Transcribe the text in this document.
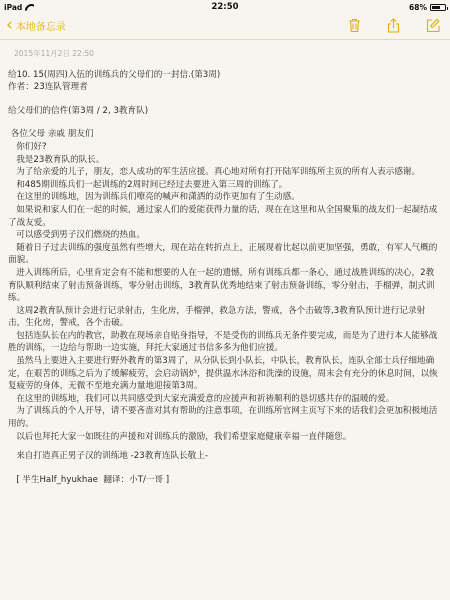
iPad	22:50	68%
‹ 本地备忘录
2015年11月2日 22:50
给10. 15(周四)入伍的训练兵的父母们的一封信.(第3周)
作者：23连队管理者
给父母们的信件(第3周 / 2, 3教育队)
各位父母 亲戚 朋友们
你们好?
我是23教育队的队长。
为了给亲爱的儿子，朋友，恋人成功的军生活应援。真心地对所有打开陆军训练所主页的所有人表示感谢。
和485期训练兵们一起训练的2周时间已经过去要进入第三周的训练了。
在这里的训练地，因为训练兵们嘹亮的喊声和潇洒的动作更加有了生动感。
如果说和家人们在一起的时候，通过家人们的爱能获得力量的话，现在在这里和从全国聚集的战友们一起凝结成了战友爱。
可以感受到男子汉们燃烧的热血。
随着日子过去训练的强度虽然有些增大，现在站在转折点上，正展现着比起以前更加坚强，勇敢，有军人气概的面貌。
进入训练所后，心里肯定会有不能和想要的人在一起的遗憾，所有训练兵都一条心，通过战胜训练的决心，2教育队顺利结束了射击预备训练，零分射击训练，3教育队优秀地结束了射击预备训练，零分射击，手榴弹，制式训练。
这周2教育队预计会进行记录射击，生化房，手榴弹，救急方法，警戒，各个击破等,3教育队预计进行记录射击，生化房，警戒，各个击破。
包括连队长在内的教官，助教在现场亲自贴身指导，不是受伤的训练兵无条件要完成，而是为了进行本人能够战胜的训练，一边给与帮助一边实施，拜托大家通过书信多多为他们应援。
虽然马上要进入主要进行野外教育的第3周了，从分队长到小队长，中队长，教育队长，连队全部士兵仔细地确定，在艰苦的训练之后为了缓解疲劳，会启动锅炉，提供温水沐浴和洗澡的设施，周末会有充分的休息时间，以恢复疲劳的身体，无微不至地充满力量地迎接第3周。
在这里的训练地，我们可以共同感受到大家充满爱意的应援声和祈祷顺利的恳切感共存的温暖的爱。
为了训练兵的个人开导，请不要吝啬对其有帮助的注意事项，在训练所官网主页写下来的话我们会更加积极地活用的。
以后也拜托大家一如既往的声援和对训练兵的激励，我们希望家庭健康幸福一直伴随您。
来自打造真正男子汉的训练地 -23教育连队长敬上-
[ 半生Half_hyukhae  翻译：小T/一哥 ]
